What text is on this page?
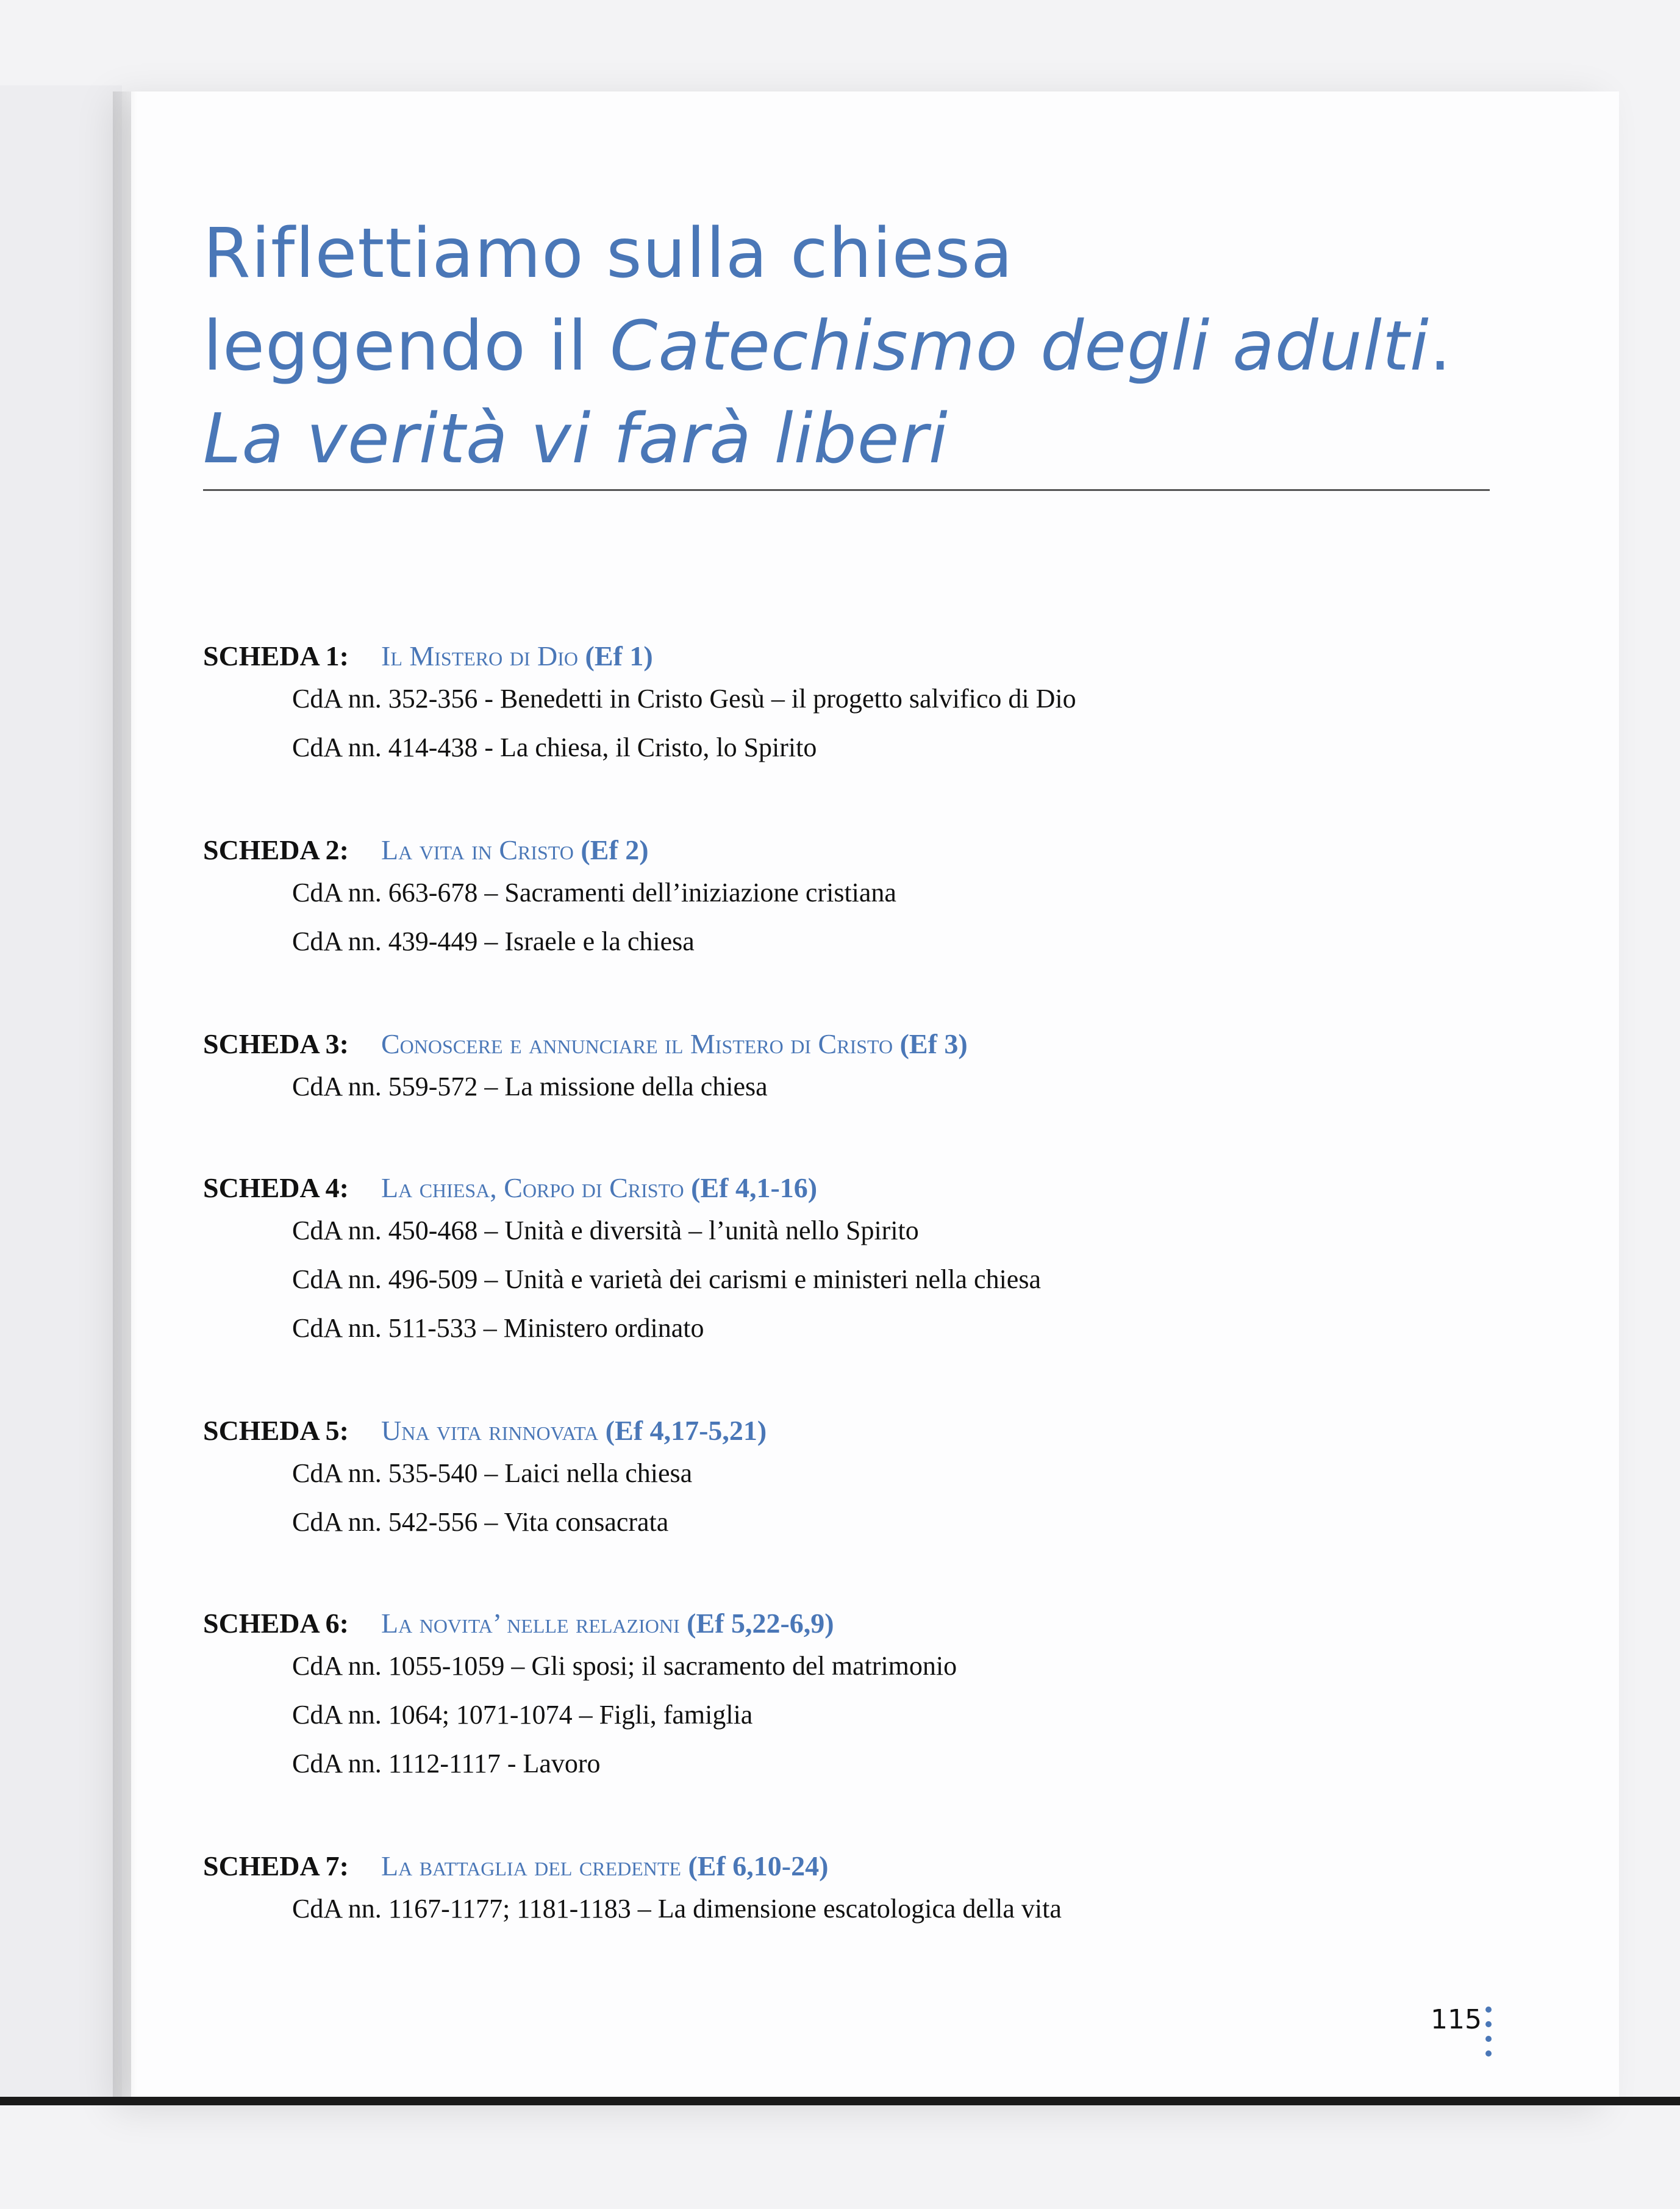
Riflettiamo sulla chiesa
leggendo il Catechismo degli adulti.
La verità vi farà liberi
SCHEDA 1: Il Mistero di Dio (Ef 1)
CdA nn. 352-356 - Benedetti in Cristo Gesù – il progetto salvifico di Dio
CdA nn. 414-438 - La chiesa, il Cristo, lo Spirito
SCHEDA 2: La vita in Cristo (Ef 2)
CdA nn. 663-678 – Sacramenti dell’iniziazione cristiana
CdA nn. 439-449 – Israele e la chiesa
SCHEDA 3: Conoscere e annunciare il Mistero di Cristo (Ef 3)
CdA nn. 559-572 – La missione della chiesa
SCHEDA 4: La chiesa, Corpo di Cristo (Ef 4,1-16)
CdA nn. 450-468 – Unità e diversità – l’unità nello Spirito
CdA nn. 496-509 – Unità e varietà dei carismi e ministeri nella chiesa
CdA nn. 511-533 – Ministero ordinato
SCHEDA 5: Una vita rinnovata (Ef 4,17-5,21)
CdA nn. 535-540 – Laici nella chiesa
CdA nn. 542-556 – Vita consacrata
SCHEDA 6: La novita’ nelle relazioni (Ef 5,22-6,9)
CdA nn. 1055-1059 – Gli sposi; il sacramento del matrimonio
CdA nn. 1064; 1071-1074 – Figli, famiglia
CdA nn. 1112-1117 - Lavoro
SCHEDA 7: La battaglia del credente (Ef 6,10-24)
CdA nn. 1167-1177; 1181-1183 – La dimensione escatologica della vita
115
